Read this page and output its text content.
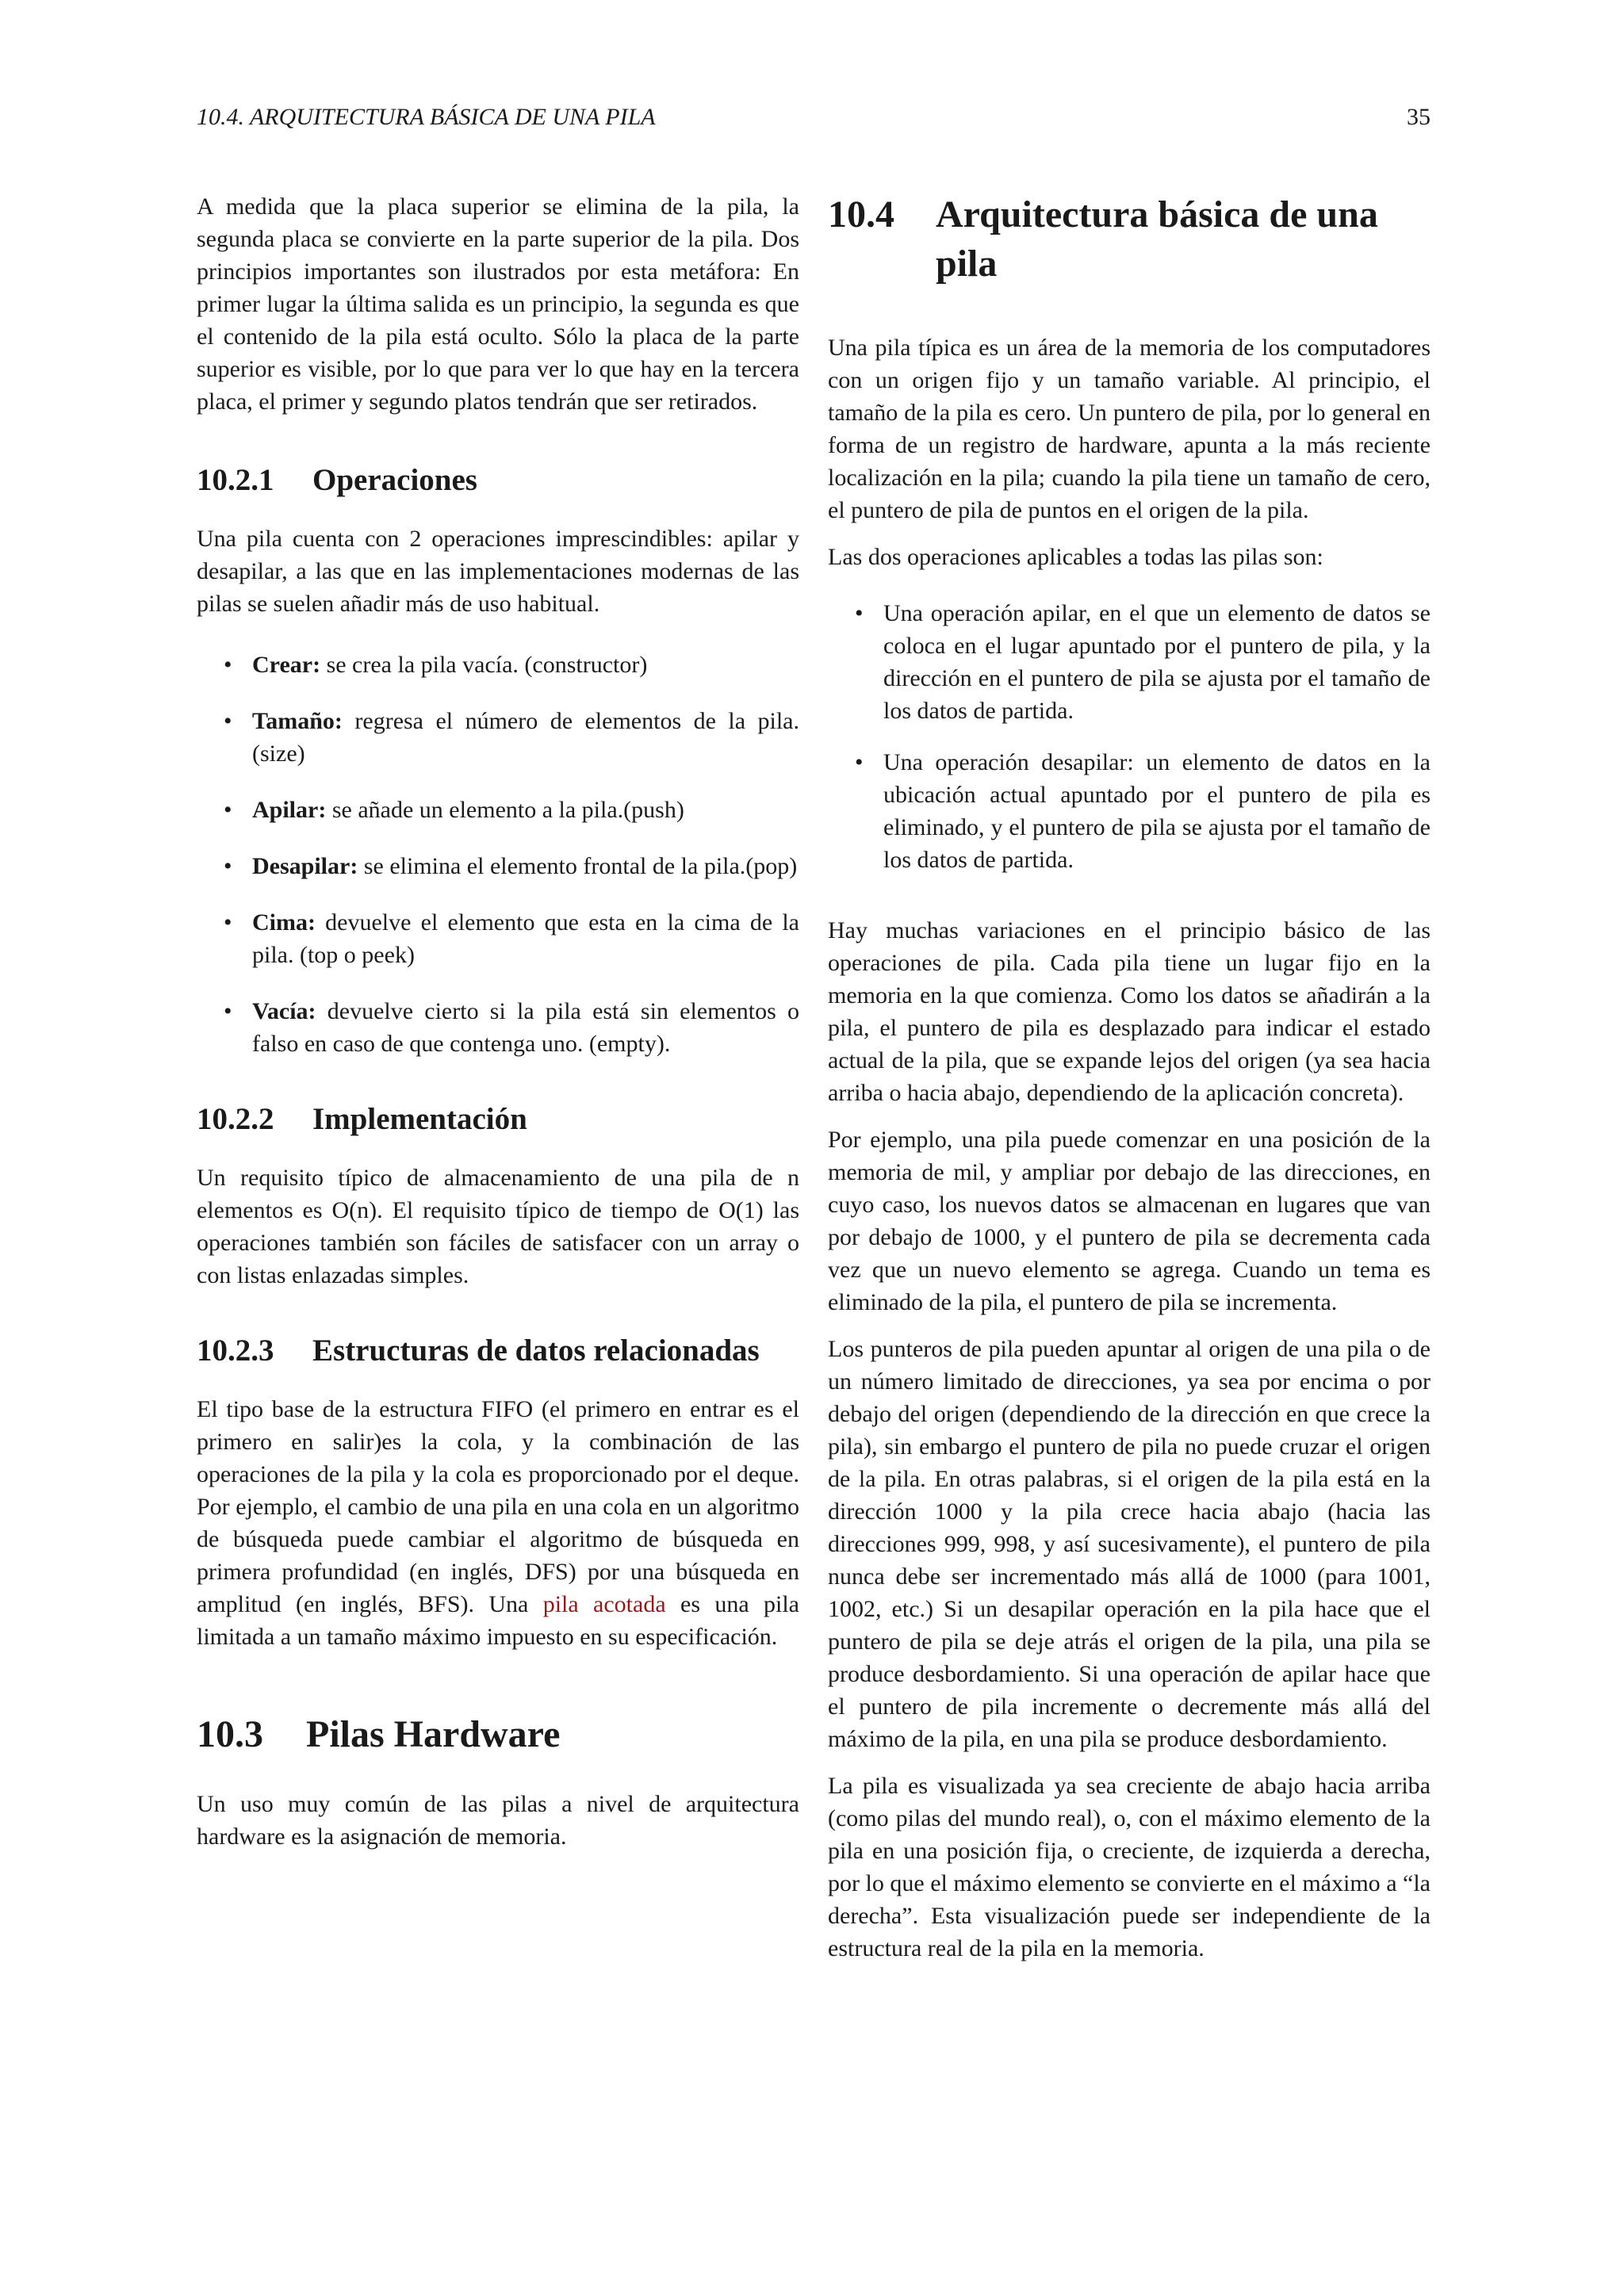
10.4. ARQUITECTURA BÁSICA DE UNA PILA	35

A medida que la placa superior se elimina de la pila, la segunda placa se convierte en la parte superior de la pila. Dos principios importantes son ilustrados por esta metáfora: En primer lugar la última salida es un principio, la segunda es que el contenido de la pila está oculto. Sólo la placa de la parte superior es visible, por lo que para ver lo que hay en la tercera placa, el primer y segundo platos tendrán que ser retirados.

10.2.1 Operaciones

Una pila cuenta con 2 operaciones imprescindibles: apilar y desapilar, a las que en las implementaciones modernas de las pilas se suelen añadir más de uso habitual.

• Crear: se crea la pila vacía. (constructor)
• Tamaño: regresa el número de elementos de la pila. (size)
• Apilar: se añade un elemento a la pila.(push)
• Desapilar: se elimina el elemento frontal de la pila.(pop)
• Cima: devuelve el elemento que esta en la cima de la pila. (top o peek)
• Vacía: devuelve cierto si la pila está sin elementos o falso en caso de que contenga uno. (empty).
10.2.2 Implementación

Un requisito típico de almacenamiento de una pila de n elementos es O(n). El requisito típico de tiempo de O(1) las operaciones también son fáciles de satisfacer con un array o con listas enlazadas simples.

10.2.3 Estructuras de datos relacionadas

El tipo base de la estructura FIFO (el primero en entrar es el primero en salir)es la cola, y la combinación de las operaciones de la pila y la cola es proporcionado por el deque. Por ejemplo, el cambio de una pila en una cola en un algoritmo de búsqueda puede cambiar el algoritmo de búsqueda en primera profundidad (en inglés, DFS) por una búsqueda en amplitud (en inglés, BFS). Una pila acotada es una pila limitada a un tamaño máximo impuesto en su especificación.

10.3 Pilas Hardware

Un uso muy común de las pilas a nivel de arquitectura hardware es la asignación de memoria.

10.4	Arquitectura básica de una pila

Una pila típica es un área de la memoria de los computadores con un origen fijo y un tamaño variable. Al principio, el tamaño de la pila es cero. Un puntero de pila, por lo general en forma de un registro de hardware, apunta a la más reciente localización en la pila; cuando la pila tiene un tamaño de cero, el puntero de pila de puntos en el origen de la pila.

Las dos operaciones aplicables a todas las pilas son:

• Una operación apilar, en el que un elemento de datos se coloca en el lugar apuntado por el puntero de pila, y la dirección en el puntero de pila se ajusta por el tamaño de los datos de partida.
• Una operación desapilar: un elemento de datos en la ubicación actual apuntado por el puntero de pila es eliminado, y el puntero de pila se ajusta por el tamaño de los datos de partida.

Hay muchas variaciones en el principio básico de las operaciones de pila. Cada pila tiene un lugar fijo en la memoria en la que comienza. Como los datos se añadirán a la pila, el puntero de pila es desplazado para indicar el estado actual de la pila, que se expande lejos del origen (ya sea hacia arriba o hacia abajo, dependiendo de la aplicación concreta).

Por ejemplo, una pila puede comenzar en una posición de la memoria de mil, y ampliar por debajo de las direcciones, en cuyo caso, los nuevos datos se almacenan en lugares que van por debajo de 1000, y el puntero de pila se decrementa cada vez que un nuevo elemento se agrega. Cuando un tema es eliminado de la pila, el puntero de pila se incrementa.

Los punteros de pila pueden apuntar al origen de una pila o de un número limitado de direcciones, ya sea por encima o por debajo del origen (dependiendo de la dirección en que crece la pila), sin embargo el puntero de pila no puede cruzar el origen de la pila. En otras palabras, si el origen de la pila está en la dirección 1000 y la pila crece hacia abajo (hacia las direcciones 999, 998, y así sucesivamente), el puntero de pila nunca debe ser incrementado más allá de 1000 (para 1001, 1002, etc.) Si un desapilar operación en la pila hace que el puntero de pila se deje atrás el origen de la pila, una pila se produce desbordamiento. Si una operación de apilar hace que el puntero de pila incremente o decremente más allá del máximo de la pila, en una pila se produce desbordamiento.

La pila es visualizada ya sea creciente de abajo hacia arriba (como pilas del mundo real), o, con el máximo elemento de la pila en una posición fija, o creciente, de izquierda a derecha, por lo que el máximo elemento se convierte en el máximo a “la derecha”. Esta visualización puede ser independiente de la estructura real de la pila en la memoria.
